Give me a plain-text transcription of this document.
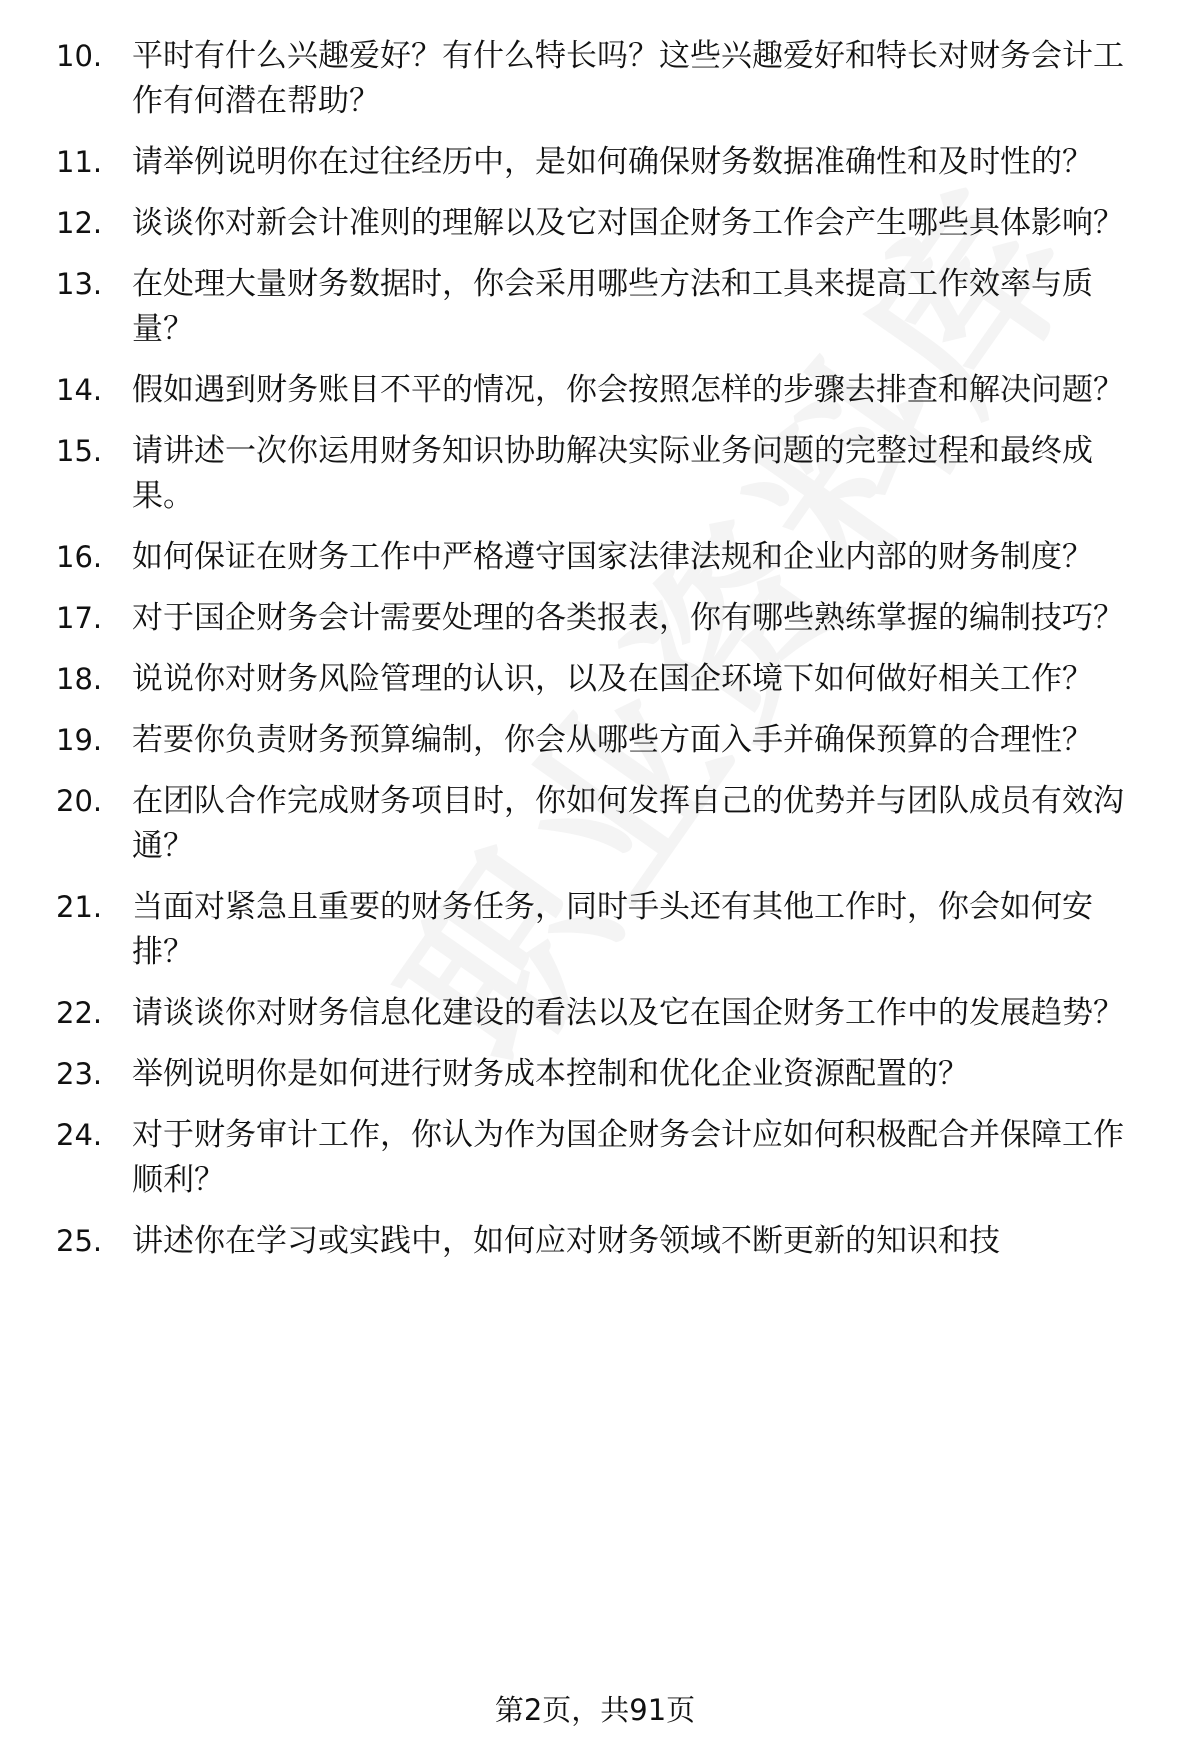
10. 平时有什么兴趣爱好？有什么特长吗？这些兴趣爱好和特长对财务会计工作有何潜在帮助？
11. 请举例说明你在过往经历中，是如何确保财务数据准确性和及时性的？
12. 谈谈你对新会计准则的理解以及它对国企财务工作会产生哪些具体影响？
13. 在处理大量财务数据时，你会采用哪些方法和工具来提高工作效率与质量？
14. 假如遇到财务账目不平的情况，你会按照怎样的步骤去排查和解决问题？
15. 请讲述一次你运用财务知识协助解决实际业务问题的完整过程和最终成果。
16. 如何保证在财务工作中严格遵守国家法律法规和企业内部的财务制度？
17. 对于国企财务会计需要处理的各类报表，你有哪些熟练掌握的编制技巧？
18. 说说你对财务风险管理的认识，以及在国企环境下如何做好相关工作？
19. 若要你负责财务预算编制，你会从哪些方面入手并确保预算的合理性？
20. 在团队合作完成财务项目时，你如何发挥自己的优势并与团队成员有效沟通？
21. 当面对紧急且重要的财务任务，同时手头还有其他工作时，你会如何安排？
22. 请谈谈你对财务信息化建设的看法以及它在国企财务工作中的发展趋势？
23. 举例说明你是如何进行财务成本控制和优化企业资源配置的？
24. 对于财务审计工作，你认为作为国企财务会计应如何积极配合并保障工作顺利？
25. 讲述你在学习或实践中，如何应对财务领域不断更新的知识和技
第2页，共91页
